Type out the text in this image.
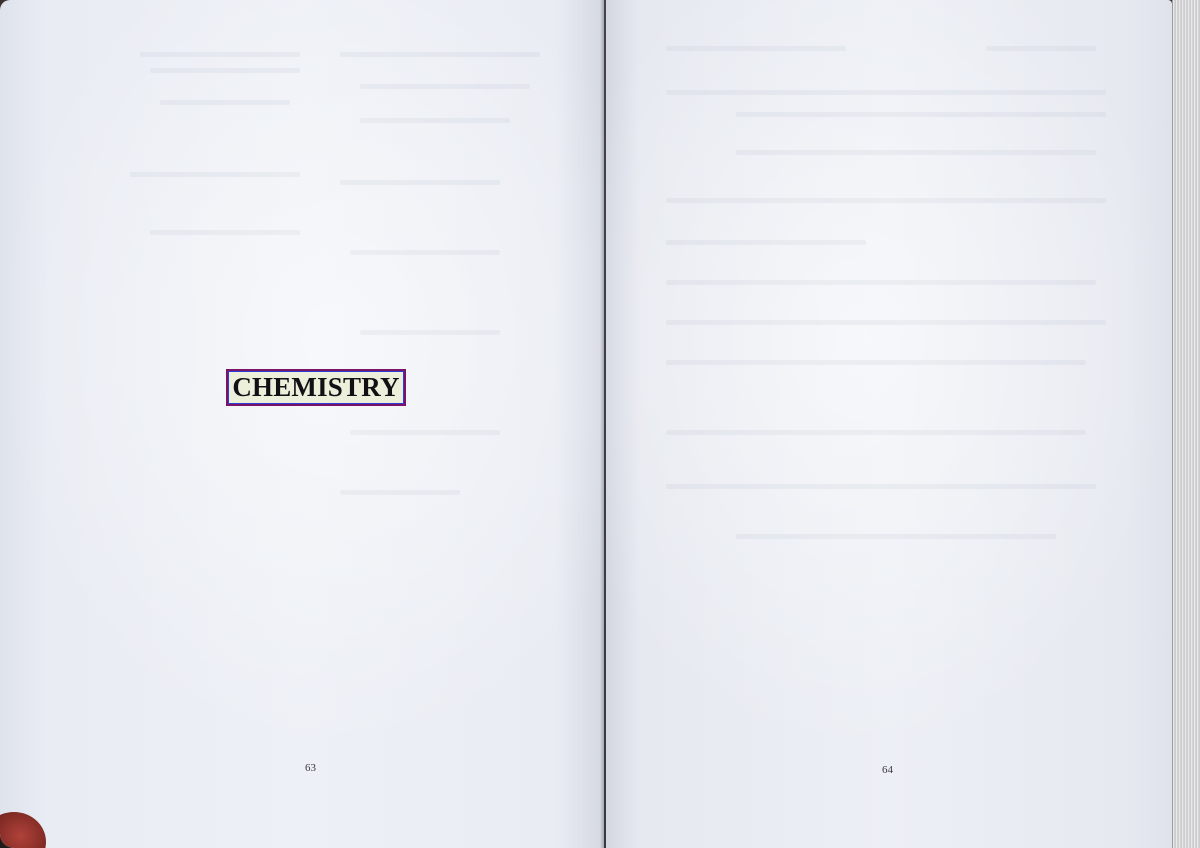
CHEMISTRY
63	64
